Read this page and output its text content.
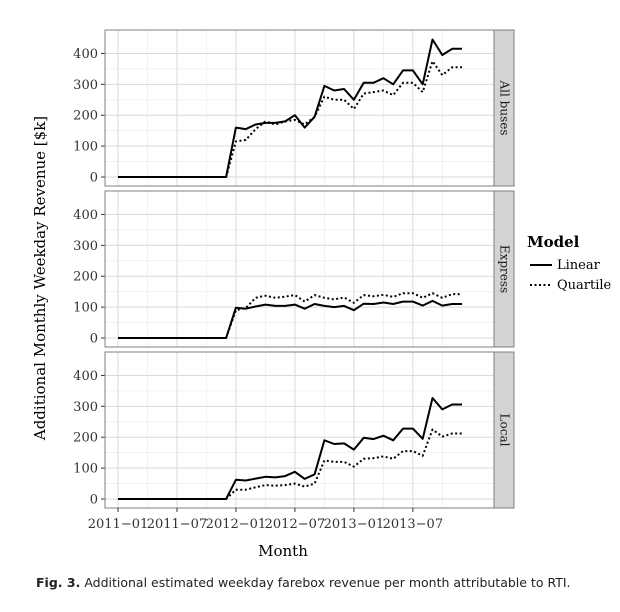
0
100
200
300
400
All buses
0
100
200
300
400
Express
0
100
200
300
400
Local
2011−01
2011−07
2012−01
2012−07
2013−01
2013−07
Additional Monthly Weekday Revenue [$k]
Month
Model
Linear
Quartile
Fig. 3. Additional estimated weekday farebox revenue per month attributable to RTI.
